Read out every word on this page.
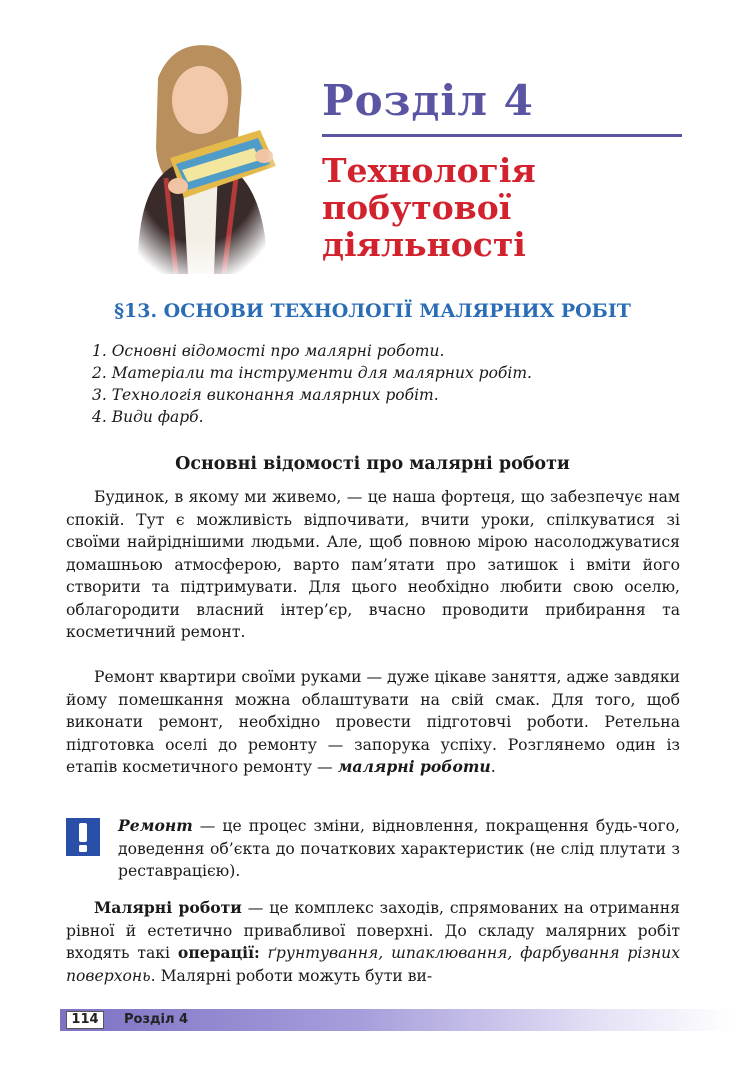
Розділ 4
Технологія
побутової
діяльності
§13. ОСНОВИ ТЕХНОЛОГІЇ МАЛЯРНИХ РОБІТ
1. Основні відомості про малярні роботи.
2. Матеріали та інструменти для малярних робіт.
3. Технологія виконання малярних робіт.
4. Види фарб.
Основні відомості про малярні роботи

Будинок, в якому ми живемо, — це наша фортеця, що забезпечує нам спокій. Тут є можливість відпочивати, вчити уроки, спілкуватися зі своїми найріднішими людьми. Але, щоб повною мірою насолоджуватися домашньою атмосферою, варто пам’ятати про затишок і вміти його створити та підтримувати. Для цього необхідно любити свою оселю, облагородити власний інтер’єр, вчасно проводити прибирання та косметичний ремонт.

Ремонт квартири своїми руками — дуже цікаве заняття, адже завдяки йому помешкання можна облаштувати на свій смак. Для того, щоб виконати ремонт, необхідно провести підготовчі роботи. Ретельна підготовка оселі до ремонту — запорука успіху. Розглянемо один із етапів косметичного ремонту — малярні роботи.

Ремонт — це процес зміни, відновлення, покращення будь-чого, доведення об’єкта до початкових характеристик (не слід плутати з реставрацією).

Малярні роботи — це комплекс заходів, спрямованих на отримання рівної й естетично привабливої поверхні. До складу малярних робіт входять такі операції: ґрунтування, шпаклювання, фарбування різних поверхонь. Малярні роботи можуть бути ви-

114	Розділ 4
